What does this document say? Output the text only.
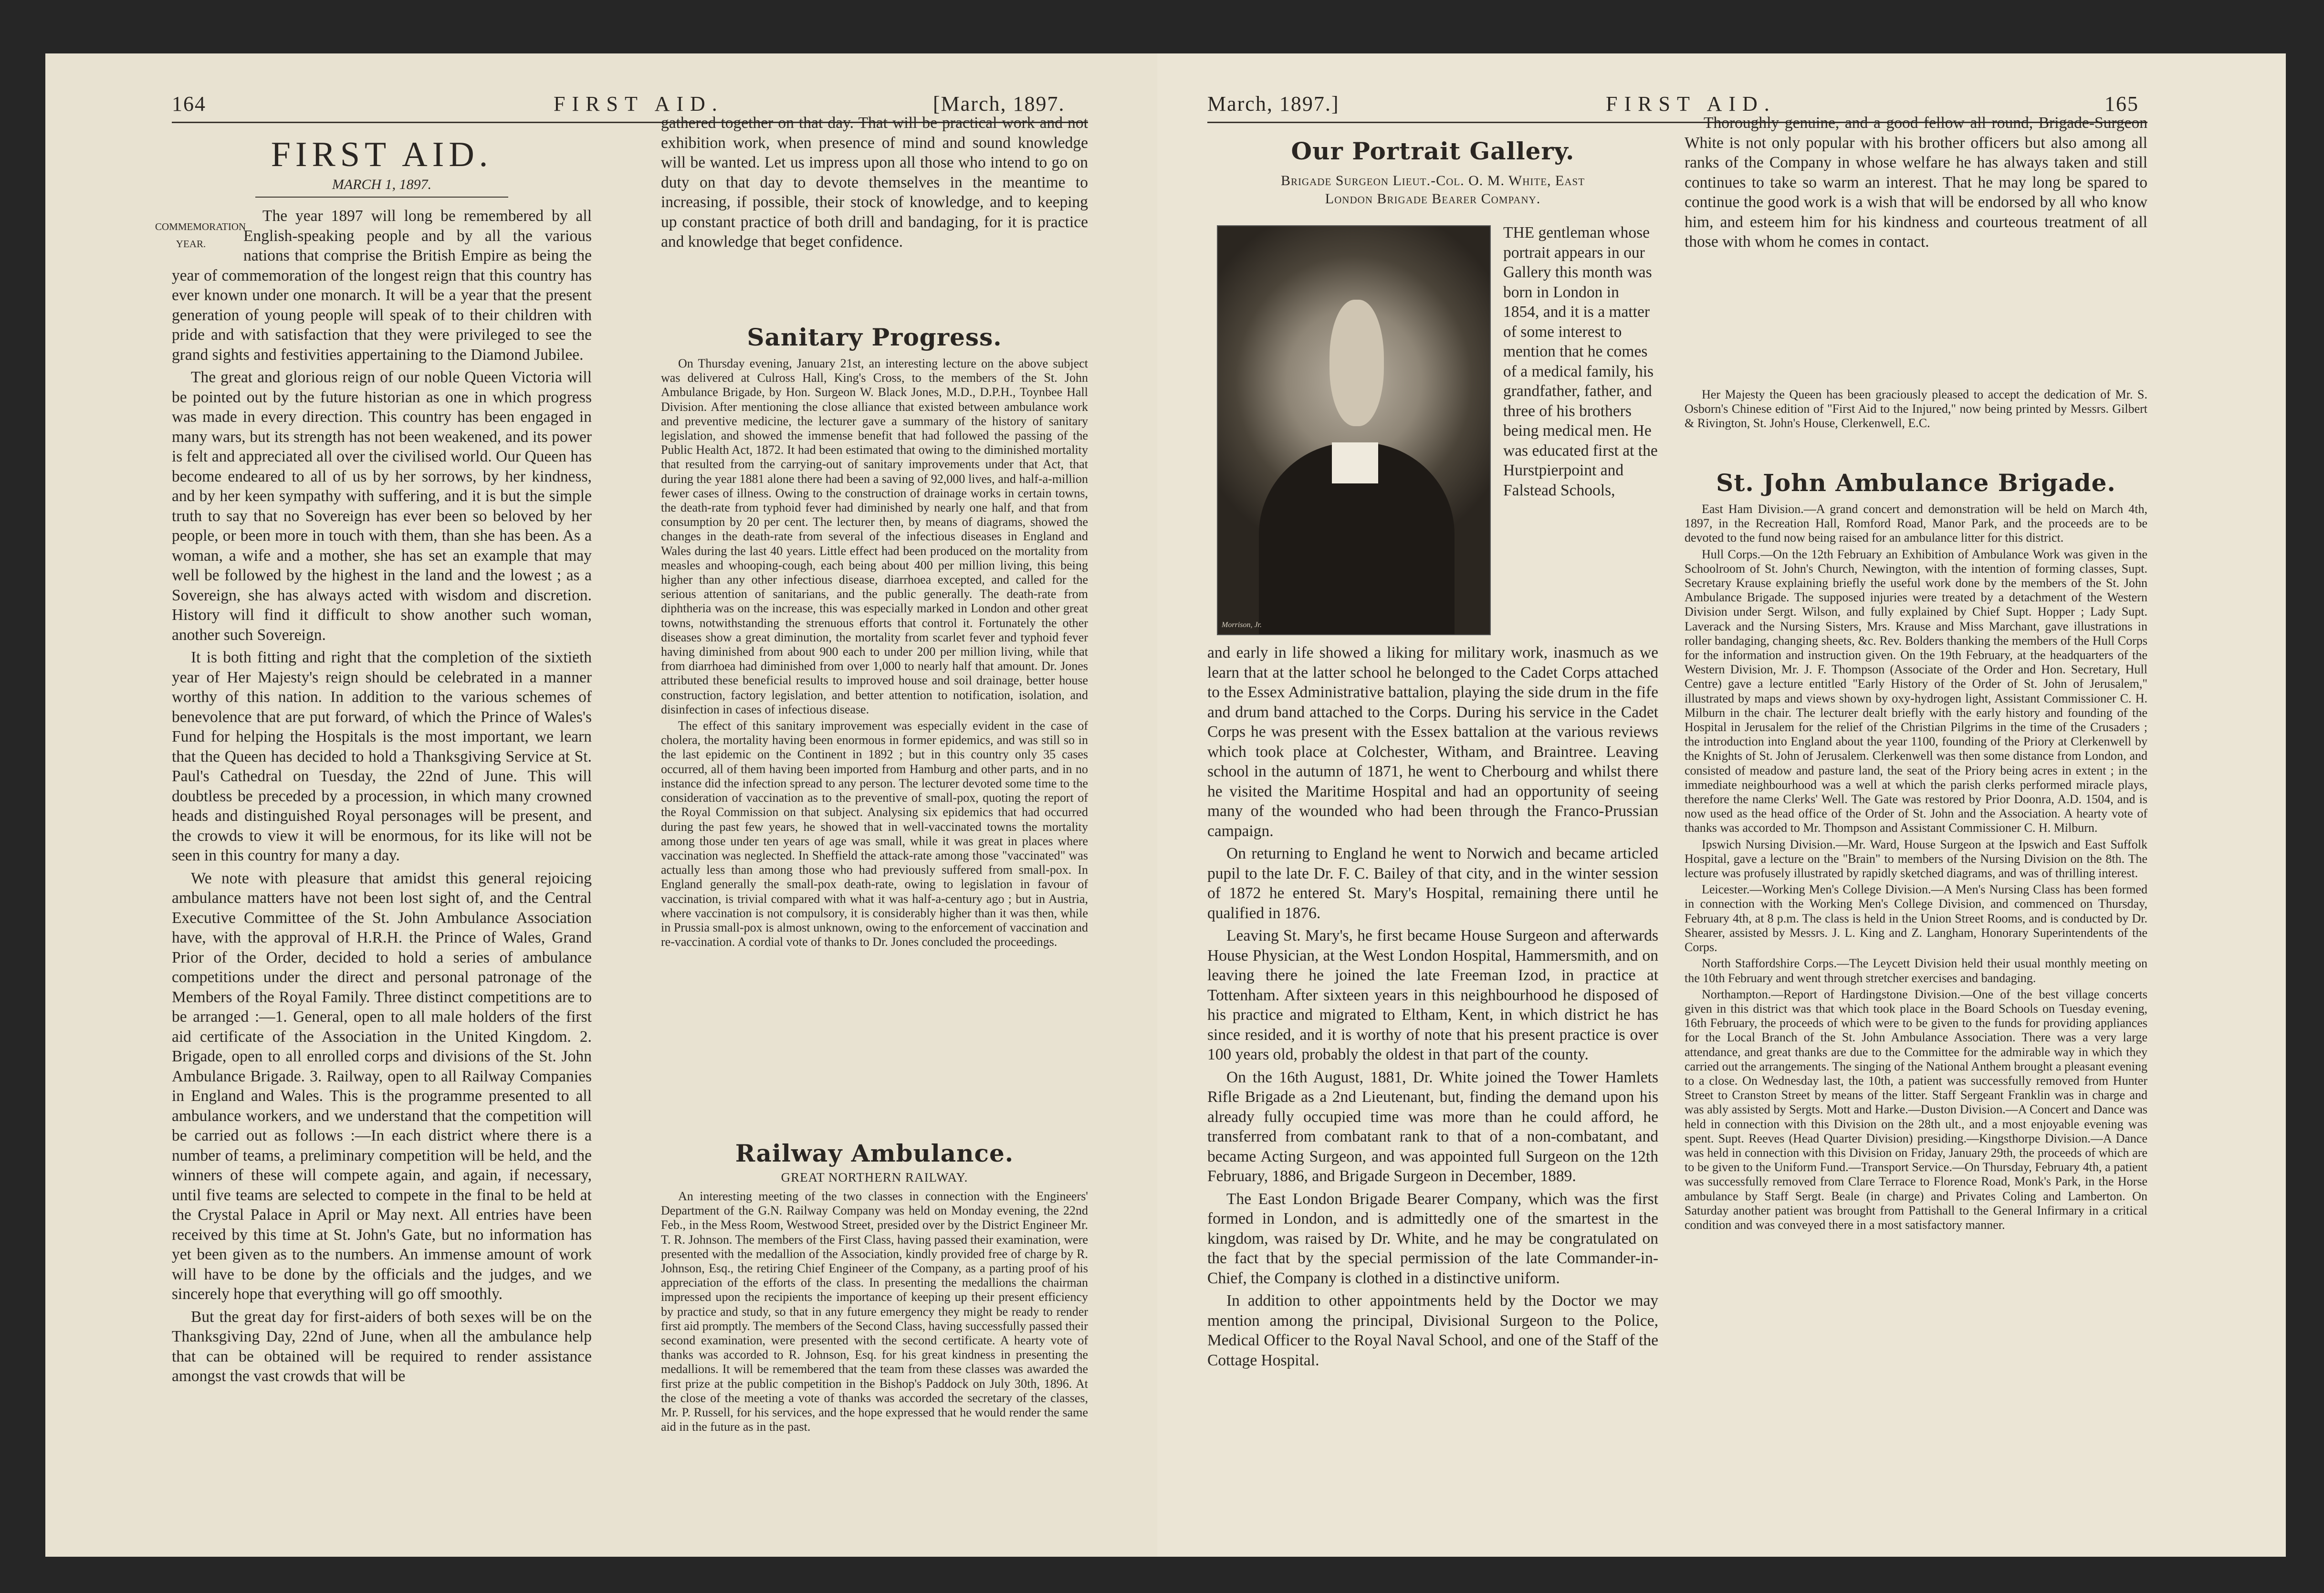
164	FIRST AID.	[March, 1897.
FIRST AID.
MARCH 1, 1897.
COMMEMORATION YEAR.

The year 1897 will long be remembered by all English-speaking people and by all the various nations that comprise the British Empire as being the year of commemoration of the longest reign that this country has ever known under one monarch. It will be a year that the present generation of young people will speak of to their children with pride and with satisfaction that they were privileged to see the grand sights and festivities appertaining to the Diamond Jubilee.

The great and glorious reign of our noble Queen Victoria will be pointed out by the future historian as one in which progress was made in every direction. This country has been engaged in many wars, but its strength has not been weakened, and its power is felt and appreciated all over the civilised world. Our Queen has become endeared to all of us by her sorrows, by her kindness, and by her keen sympathy with suffering, and it is but the simple truth to say that no Sovereign has ever been so beloved by her people, or been more in touch with them, than she has been. As a woman, a wife and a mother, she has set an example that may well be followed by the highest in the land and the lowest ; as a Sovereign, she has always acted with wisdom and discretion. History will find it difficult to show another such woman, another such Sovereign.

It is both fitting and right that the completion of the sixtieth year of Her Majesty's reign should be celebrated in a manner worthy of this nation. In addition to the various schemes of benevolence that are put forward, of which the Prince of Wales's Fund for helping the Hospitals is the most important, we learn that the Queen has decided to hold a Thanksgiving Service at St. Paul's Cathedral on Tuesday, the 22nd of June. This will doubtless be preceded by a procession, in which many crowned heads and distinguished Royal personages will be present, and the crowds to view it will be enormous, for its like will not be seen in this country for many a day.

We note with pleasure that amidst this general rejoicing ambulance matters have not been lost sight of, and the Central Executive Committee of the St. John Ambulance Association have, with the approval of H.R.H. the Prince of Wales, Grand Prior of the Order, decided to hold a series of ambulance competitions under the direct and personal patronage of the Members of the Royal Family. Three distinct competitions are to be arranged :—1. General, open to all male holders of the first aid certificate of the Association in the United Kingdom. 2. Brigade, open to all enrolled corps and divisions of the St. John Ambulance Brigade. 3. Railway, open to all Railway Companies in England and Wales. This is the programme presented to all ambulance workers, and we understand that the competition will be carried out as follows :—In each district where there is a number of teams, a preliminary competition will be held, and the winners of these will compete again, and again, if necessary, until five teams are selected to compete in the final to be held at the Crystal Palace in April or May next. All entries have been received by this time at St. John's Gate, but no information has yet been given as to the numbers. An immense amount of work will have to be done by the officials and the judges, and we sincerely hope that everything will go off smoothly.

But the great day for first-aiders of both sexes will be on the Thanksgiving Day, 22nd of June, when all the ambulance help that can be obtained will be required to render assistance amongst the vast crowds that will be

gathered together on that day. That will be practical work and not exhibition work, when presence of mind and sound knowledge will be wanted. Let us impress upon all those who intend to go on duty on that day to devote themselves in the meantime to increasing, if possible, their stock of knowledge, and to keeping up constant practice of both drill and bandaging, for it is practice and knowledge that beget confidence.

Sanitary Progress.

On Thursday evening, January 21st, an interesting lecture on the above subject was delivered at Culross Hall, King's Cross, to the members of the St. John Ambulance Brigade, by Hon. Surgeon W. Black Jones, M.D., D.P.H., Toynbee Hall Division. After mentioning the close alliance that existed between ambulance work and preventive medicine, the lecturer gave a summary of the history of sanitary legislation, and showed the immense benefit that had followed the passing of the Public Health Act, 1872. It had been estimated that owing to the diminished mortality that resulted from the carrying-out of sanitary improvements under that Act, that during the year 1881 alone there had been a saving of 92,000 lives, and half-a-million fewer cases of illness. Owing to the construction of drainage works in certain towns, the death-rate from typhoid fever had diminished by nearly one half, and that from consumption by 20 per cent. The lecturer then, by means of diagrams, showed the changes in the death-rate from several of the infectious diseases in England and Wales during the last 40 years. Little effect had been produced on the mortality from measles and whooping-cough, each being about 400 per million living, this being higher than any other infectious disease, diarrhoea excepted, and called for the serious attention of sanitarians, and the public generally. The death-rate from diphtheria was on the increase, this was especially marked in London and other great towns, notwithstanding the strenuous efforts that control it. Fortunately the other diseases show a great diminution, the mortality from scarlet fever and typhoid fever having diminished from about 900 each to under 200 per million living, while that from diarrhoea had diminished from over 1,000 to nearly half that amount. Dr. Jones attributed these beneficial results to improved house and soil drainage, better house construction, factory legislation, and better attention to notification, isolation, and disinfection in cases of infectious disease.

The effect of this sanitary improvement was especially evident in the case of cholera, the mortality having been enormous in former epidemics, and was still so in the last epidemic on the Continent in 1892 ; but in this country only 35 cases occurred, all of them having been imported from Hamburg and other parts, and in no instance did the infection spread to any person. The lecturer devoted some time to the consideration of vaccination as to the preventive of small-pox, quoting the report of the Royal Commission on that subject. Analysing six epidemics that had occurred during the past few years, he showed that in well-vaccinated towns the mortality among those under ten years of age was small, while it was great in places where vaccination was neglected. In Sheffield the attack-rate among those "vaccinated" was actually less than among those who had previously suffered from small-pox. In England generally the small-pox death-rate, owing to legislation in favour of vaccination, is trivial compared with what it was half-a-century ago ; but in Austria, where vaccination is not compulsory, it is considerably higher than it was then, while in Prussia small-pox is almost unknown, owing to the enforcement of vaccination and re-vaccination. A cordial vote of thanks to Dr. Jones concluded the proceedings.

Railway Ambulance.
GREAT NORTHERN RAILWAY.

An interesting meeting of the two classes in connection with the Engineers' Department of the G.N. Railway Company was held on Monday evening, the 22nd Feb., in the Mess Room, Westwood Street, presided over by the District Engineer Mr. T. R. Johnson. The members of the First Class, having passed their examination, were presented with the medallion of the Association, kindly provided free of charge by R. Johnson, Esq., the retiring Chief Engineer of the Company, as a parting proof of his appreciation of the efforts of the class. In presenting the medallions the chairman impressed upon the recipients the importance of keeping up their present efficiency by practice and study, so that in any future emergency they might be ready to render first aid promptly. The members of the Second Class, having successfully passed their second examination, were presented with the second certificate. A hearty vote of thanks was accorded to R. Johnson, Esq. for his great kindness in presenting the medallions. It will be remembered that the team from these classes was awarded the first prize at the public competition in the Bishop's Paddock on July 30th, 1896. At the close of the meeting a vote of thanks was accorded the secretary of the classes, Mr. P. Russell, for his services, and the hope expressed that he would render the same aid in the future as in the past.

March, 1897.]	FIRST AID.	165
Our Portrait Gallery.
Brigade Surgeon Lieut.-Col. O. M. White, East
London Brigade Bearer Company.
Morrison, Jr.

THE gentleman whose portrait appears in our Gallery this month was born in London in 1854, and it is a matter of some interest to mention that he comes of a medical family, his grandfather, father, and three of his brothers being medical men. He was educated first at the Hurstpierpoint and Falstead Schools,

and early in life showed a liking for military work, inasmuch as we learn that at the latter school he belonged to the Cadet Corps attached to the Essex Administrative battalion, playing the side drum in the fife and drum band attached to the Corps. During his service in the Cadet Corps he was present with the Essex battalion at the various reviews which took place at Colchester, Witham, and Braintree. Leaving school in the autumn of 1871, he went to Cherbourg and whilst there he visited the Maritime Hospital and had an opportunity of seeing many of the wounded who had been through the Franco-Prussian campaign.

On returning to England he went to Norwich and became articled pupil to the late Dr. F. C. Bailey of that city, and in the winter session of 1872 he entered St. Mary's Hospital, remaining there until he qualified in 1876.

Leaving St. Mary's, he first became House Surgeon and afterwards House Physician, at the West London Hospital, Hammersmith, and on leaving there he joined the late Freeman Izod, in practice at Tottenham. After sixteen years in this neighbourhood he disposed of his practice and migrated to Eltham, Kent, in which district he has since resided, and it is worthy of note that his present practice is over 100 years old, probably the oldest in that part of the county.

On the 16th August, 1881, Dr. White joined the Tower Hamlets Rifle Brigade as a 2nd Lieutenant, but, finding the demand upon his already fully occupied time was more than he could afford, he transferred from combatant rank to that of a non-combatant, and became Acting Surgeon, and was appointed full Surgeon on the 12th February, 1886, and Brigade Surgeon in December, 1889.

The East London Brigade Bearer Company, which was the first formed in London, and is admittedly one of the smartest in the kingdom, was raised by Dr. White, and he may be congratulated on the fact that by the special permission of the late Commander-in-Chief, the Company is clothed in a distinctive uniform.

In addition to other appointments held by the Doctor we may mention among the principal, Divisional Surgeon to the Police, Medical Officer to the Royal Naval School, and one of the Staff of the Cottage Hospital.

Thoroughly genuine, and a good fellow all round, Brigade-Surgeon White is not only popular with his brother officers but also among all ranks of the Company in whose welfare he has always taken and still continues to take so warm an interest. That he may long be spared to continue the good work is a wish that will be endorsed by all who know him, and esteem him for his kindness and courteous treatment of all those with whom he comes in contact.

Her Majesty the Queen has been graciously pleased to accept the dedication of Mr. S. Osborn's Chinese edition of "First Aid to the Injured," now being printed by Messrs. Gilbert & Rivington, St. John's House, Clerkenwell, E.C.

St. John Ambulance Brigade.

East Ham Division.—A grand concert and demonstration will be held on March 4th, 1897, in the Recreation Hall, Romford Road, Manor Park, and the proceeds are to be devoted to the fund now being raised for an ambulance litter for this district.

Hull Corps.—On the 12th February an Exhibition of Ambulance Work was given in the Schoolroom of St. John's Church, Newington, with the intention of forming classes, Supt. Secretary Krause explaining briefly the useful work done by the members of the St. John Ambulance Brigade. The supposed injuries were treated by a detachment of the Western Division under Sergt. Wilson, and fully explained by Chief Supt. Hopper ; Lady Supt. Laverack and the Nursing Sisters, Mrs. Krause and Miss Marchant, gave illustrations in roller bandaging, changing sheets, &c. Rev. Bolders thanking the members of the Hull Corps for the information and instruction given. On the 19th February, at the headquarters of the Western Division, Mr. J. F. Thompson (Associate of the Order and Hon. Secretary, Hull Centre) gave a lecture entitled "Early History of the Order of St. John of Jerusalem," illustrated by maps and views shown by oxy-hydrogen light, Assistant Commissioner C. H. Milburn in the chair. The lecturer dealt briefly with the early history and founding of the Hospital in Jerusalem for the relief of the Christian Pilgrims in the time of the Crusaders ; the introduction into England about the year 1100, founding of the Priory at Clerkenwell by the Knights of St. John of Jerusalem. Clerkenwell was then some distance from London, and consisted of meadow and pasture land, the seat of the Priory being acres in extent ; in the immediate neighbourhood was a well at which the parish clerks performed miracle plays, therefore the name Clerks' Well. The Gate was restored by Prior Doonra, A.D. 1504, and is now used as the head office of the Order of St. John and the Association. A hearty vote of thanks was accorded to Mr. Thompson and Assistant Commissioner C. H. Milburn.

Ipswich Nursing Division.—Mr. Ward, House Surgeon at the Ipswich and East Suffolk Hospital, gave a lecture on the "Brain" to members of the Nursing Division on the 8th. The lecture was profusely illustrated by rapidly sketched diagrams, and was of thrilling interest.

Leicester.—Working Men's College Division.—A Men's Nursing Class has been formed in connection with the Working Men's College Division, and commenced on Thursday, February 4th, at 8 p.m. The class is held in the Union Street Rooms, and is conducted by Dr. Shearer, assisted by Messrs. J. L. King and Z. Langham, Honorary Superintendents of the Corps.

North Staffordshire Corps.—The Leycett Division held their usual monthly meeting on the 10th February and went through stretcher exercises and bandaging.

Northampton.—Report of Hardingstone Division.—One of the best village concerts given in this district was that which took place in the Board Schools on Tuesday evening, 16th February, the proceeds of which were to be given to the funds for providing appliances for the Local Branch of the St. John Ambulance Association. There was a very large attendance, and great thanks are due to the Committee for the admirable way in which they carried out the arrangements. The singing of the National Anthem brought a pleasant evening to a close. On Wednesday last, the 10th, a patient was successfully removed from Hunter Street to Cranston Street by means of the litter. Staff Sergeant Franklin was in charge and was ably assisted by Sergts. Mott and Harke.—Duston Division.—A Concert and Dance was held in connection with this Division on the 28th ult., and a most enjoyable evening was spent. Supt. Reeves (Head Quarter Division) presiding.—Kingsthorpe Division.—A Dance was held in connection with this Division on Friday, January 29th, the proceeds of which are to be given to the Uniform Fund.—Transport Service.—On Thursday, February 4th, a patient was successfully removed from Clare Terrace to Florence Road, Monk's Park, in the Horse ambulance by Staff Sergt. Beale (in charge) and Privates Coling and Lamberton. On Saturday another patient was brought from Pattishall to the General Infirmary in a critical condition and was conveyed there in a most satisfactory manner.
